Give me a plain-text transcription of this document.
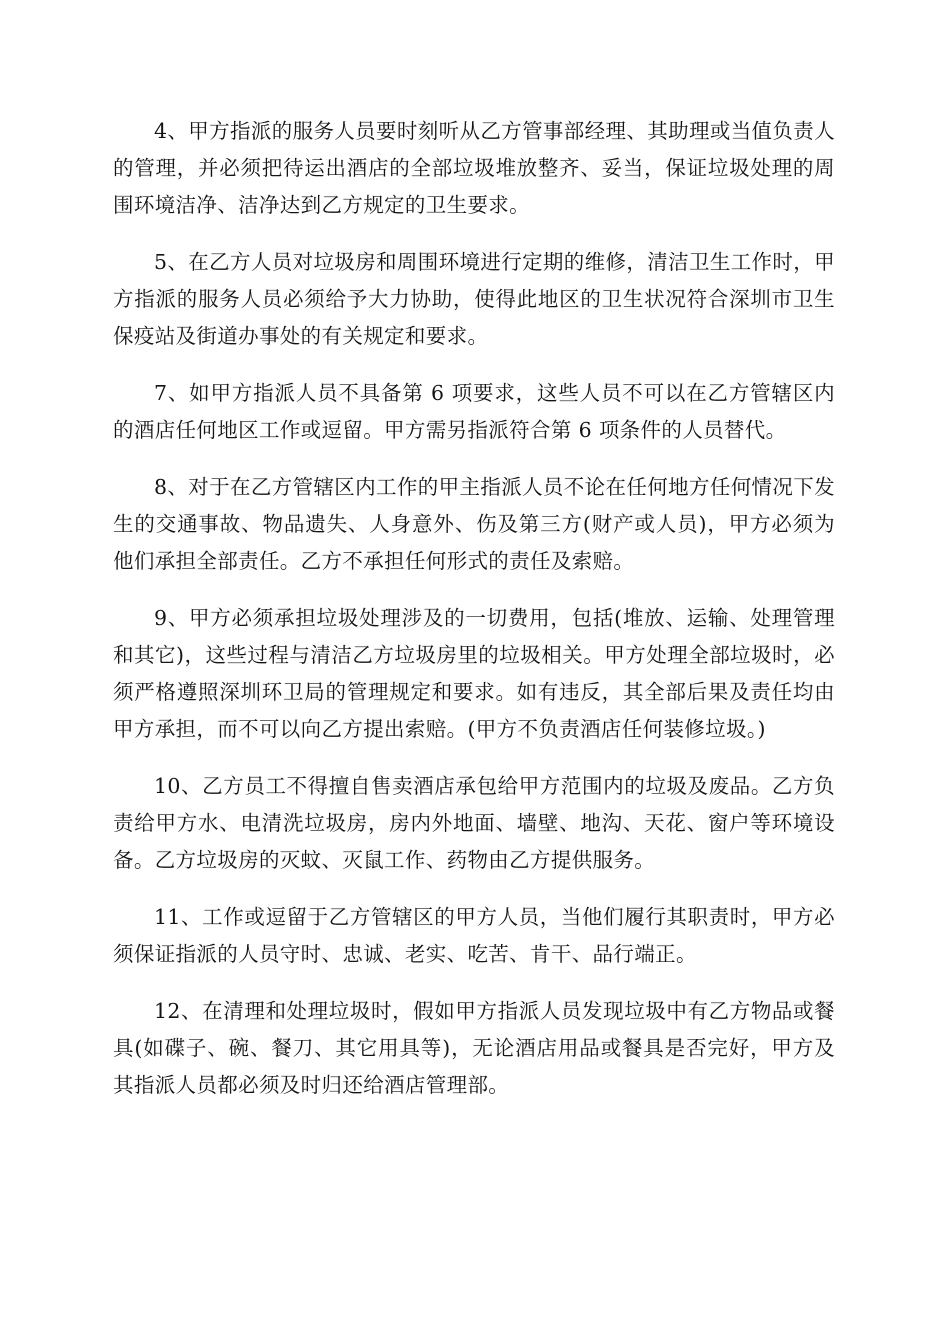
4、甲方指派的服务人员要时刻听从乙方管事部经理、其助理或当值负责人的管理，并必须把待运出酒店的全部垃圾堆放整齐、妥当，保证垃圾处理的周围环境洁净、洁净达到乙方规定的卫生要求。

5、在乙方人员对垃圾房和周围环境进行定期的维修，清洁卫生工作时，甲方指派的服务人员必须给予大力协助，使得此地区的卫生状况符合深圳市卫生保疫站及街道办事处的有关规定和要求。

7、如甲方指派人员不具备第 6 项要求，这些人员不可以在乙方管辖区内的酒店任何地区工作或逗留。甲方需另指派符合第 6 项条件的人员替代。

8、对于在乙方管辖区内工作的甲主指派人员不论在任何地方任何情况下发生的交通事故、物品遗失、人身意外、伤及第三方(财产或人员)，甲方必须为他们承担全部责任。乙方不承担任何形式的责任及索赔。

9、甲方必须承担垃圾处理涉及的一切费用，包括(堆放、运输、处理管理和其它)，这些过程与清洁乙方垃圾房里的垃圾相关。甲方处理全部垃圾时，必须严格遵照深圳环卫局的管理规定和要求。如有违反，其全部后果及责任均由甲方承担，而不可以向乙方提出索赔。(甲方不负责酒店任何装修垃圾。)

10、乙方员工不得擅自售卖酒店承包给甲方范围内的垃圾及废品。乙方负责给甲方水、电清洗垃圾房，房内外地面、墙壁、地沟、天花、窗户等环境设备。乙方垃圾房的灭蚊、灭鼠工作、药物由乙方提供服务。

11、工作或逗留于乙方管辖区的甲方人员，当他们履行其职责时，甲方必须保证指派的人员守时、忠诚、老实、吃苦、肯干、品行端正。

12、在清理和处理垃圾时，假如甲方指派人员发现垃圾中有乙方物品或餐具(如碟子、碗、餐刀、其它用具等)，无论酒店用品或餐具是否完好，甲方及其指派人员都必须及时归还给酒店管理部。
